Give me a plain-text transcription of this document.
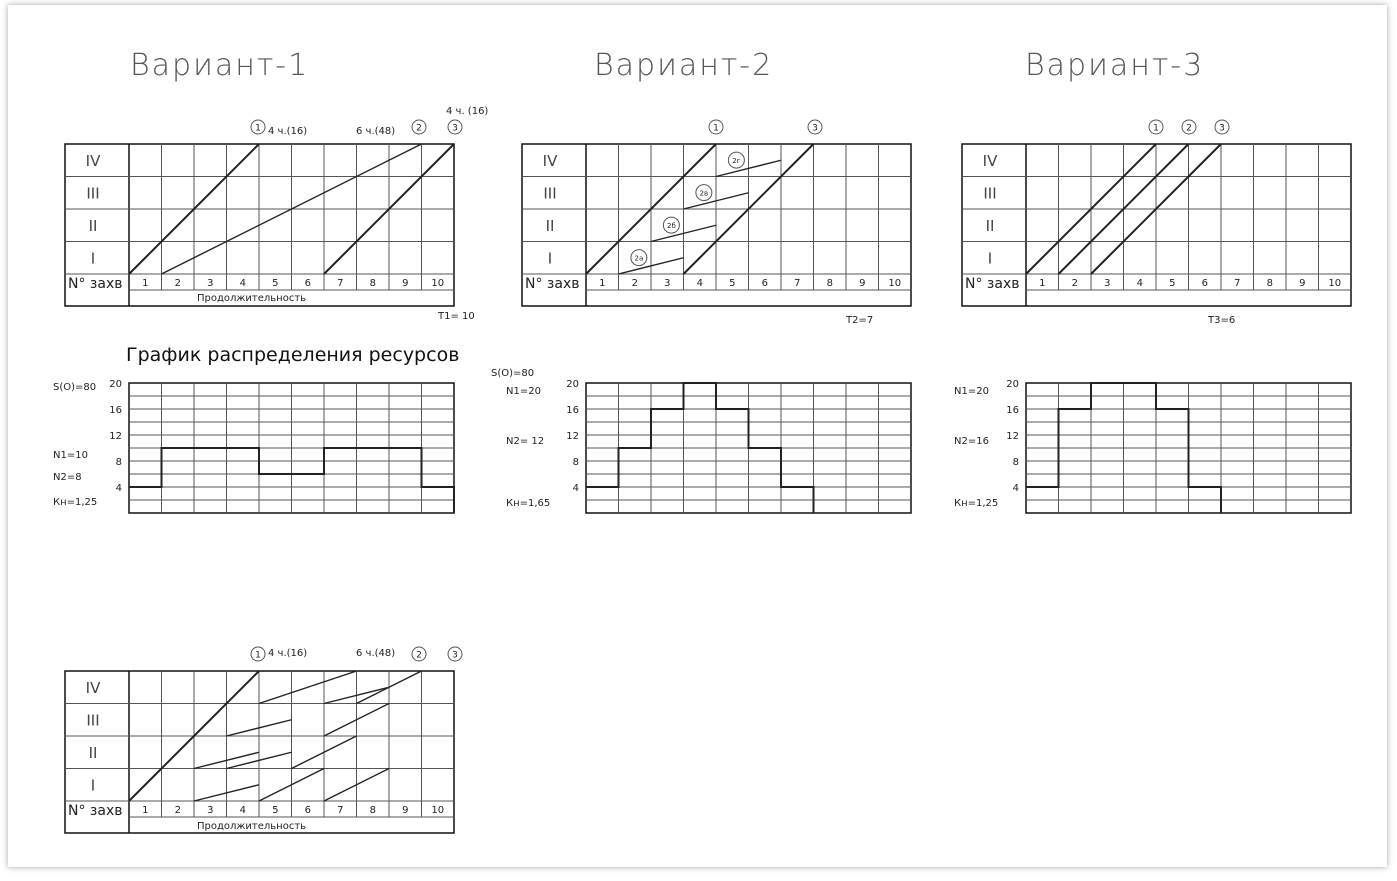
Вариант-1	Вариант-2	Вариант-3
График распределения ресурсов
4 ч.(16)	6 ч.(48)
4 ч. (16)
Т1= 10
Продолжительность
IV
III
II
I
1	2	3	4	5	6	7	8	9 10
N° захв
1	2	3
Т2=7
IV
III
II
I
1	2	3	4	5	6	7	8	9 10
N° захв
1	3
2а
2б
2в
2г
Т3=6
IV
III
II
I
1	2	3	4	5	6	7	8	9 10
N° захв
1	2	3
4 ч.(16)	6 ч.(48)
Продолжительность
IV
III
II
I
1	2	3	4	5	6	7	8	9 10
N° захв
1	2	3
S(O)=80
N1=10
N2=8
Кн=1,25
20
16
12
8
4
S(O)=80
N1=20
N2= 12
Кн=1,65
20
16
12
8
4
N1=20
N2=16
Кн=1,25
20
16
12
8
4
